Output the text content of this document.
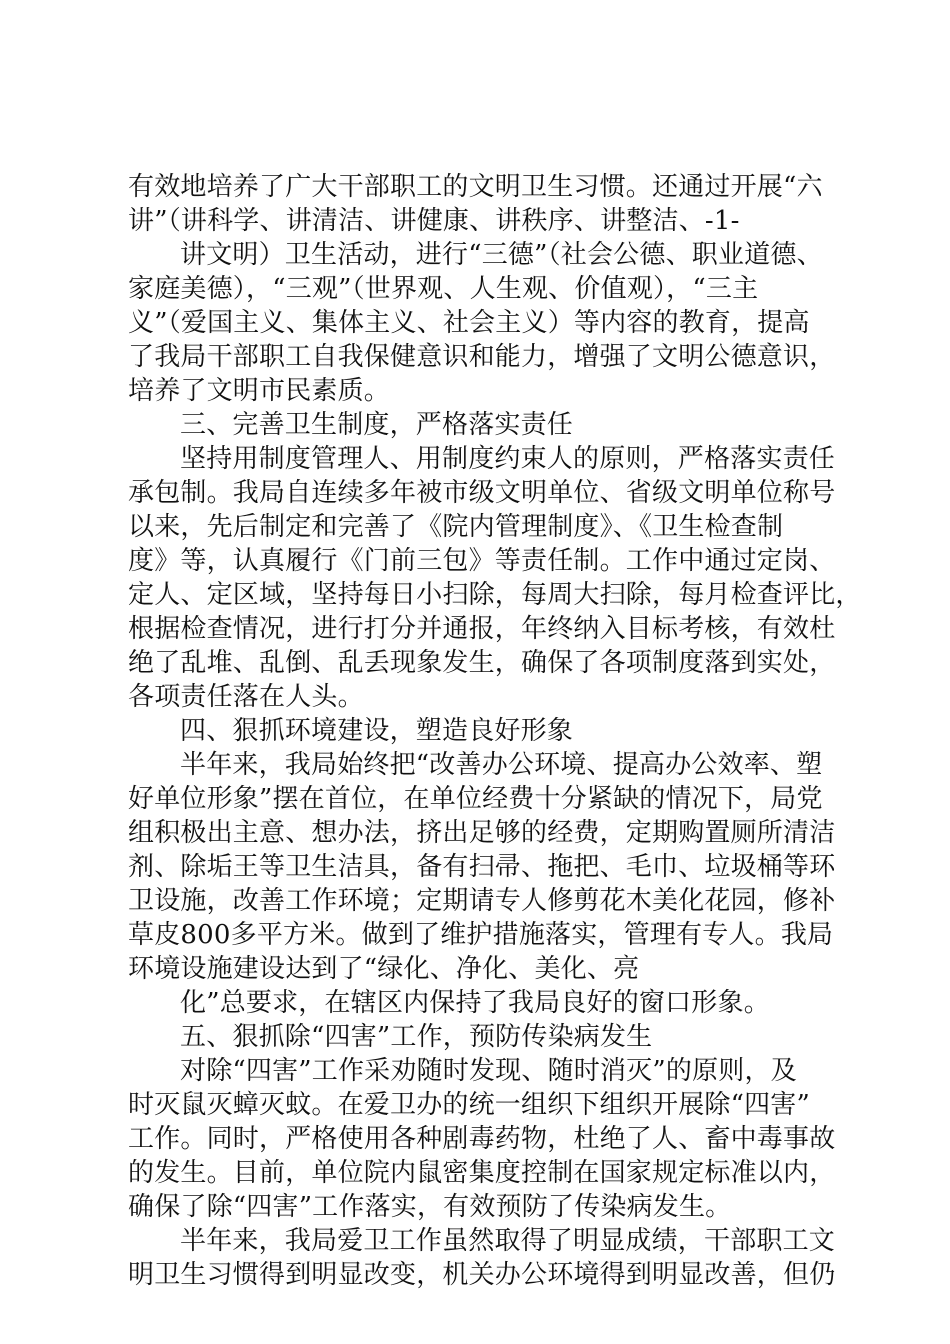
有效地培养了广大干部职工的文明卫生习惯。还通过开展“六
讲”（讲科学、讲清洁、讲健康、讲秩序、讲整洁、-1-
讲文明）卫生活动，进行“三德”（社会公德、职业道德、
家庭美德），“三观”（世界观、人生观、价值观），“三主
义”（爱国主义、集体主义、社会主义）等内容的教育，提高
了我局干部职工自我保健意识和能力，增强了文明公德意识，
培养了文明市民素质。
三、完善卫生制度，严格落实责任
坚持用制度管理人、用制度约束人的原则，严格落实责任
承包制。我局自连续多年被市级文明单位、省级文明单位称号
以来，先后制定和完善了《院内管理制度》、《卫生检查制
度》等，认真履行《门前三包》等责任制。工作中通过定岗、
定人、定区域，坚持每日小扫除，每周大扫除，每月检查评比，
根据检查情况，进行打分并通报，年终纳入目标考核，有效杜
绝了乱堆、乱倒、乱丢现象发生，确保了各项制度落到实处，
各项责任落在人头。
四、狠抓环境建设，塑造良好形象
半年来，我局始终把“改善办公环境、提高办公效率、塑
好单位形象”摆在首位，在单位经费十分紧缺的情况下，局党
组积极出主意、想办法，挤出足够的经费，定期购置厕所清洁
剂、除垢王等卫生洁具，备有扫帚、拖把、毛巾、垃圾桶等环
卫设施，改善工作环境；定期请专人修剪花木美化花园，修补
草皮800多平方米。做到了维护措施落实，管理有专人。我局
环境设施建设达到了“绿化、净化、美化、亮
化”总要求，在辖区内保持了我局良好的窗口形象。
五、狠抓除“四害”工作，预防传染病发生
对除“四害”工作采劝随时发现、随时消灭”的原则，及
时灭鼠灭蟑灭蚊。在爱卫办的统一组织下组织开展除“四害”
工作。同时，严格使用各种剧毒药物，杜绝了人、畜中毒事故
的发生。目前，单位院内鼠密集度控制在国家规定标准以内，
确保了除“四害”工作落实，有效预防了传染病发生。
半年来，我局爱卫工作虽然取得了明显成绩，干部职工文
明卫生习惯得到明显改变，机关办公环境得到明显改善，但仍
